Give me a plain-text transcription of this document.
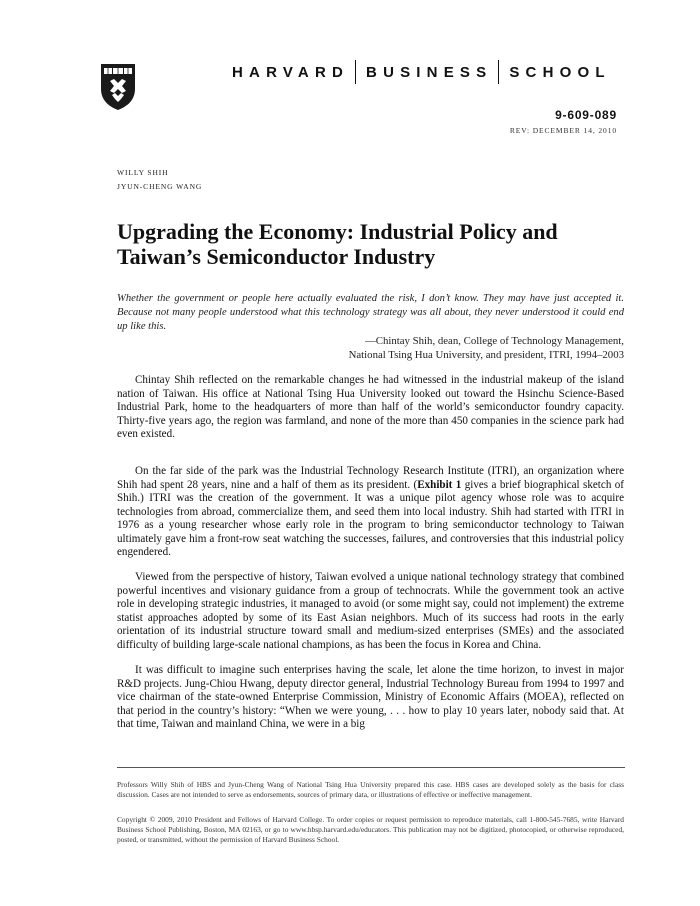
HARVARD BUSINESS SCHOOL
9-609-089
REV: DECEMBER 14, 2010
WILLY SHIH
JYUN-CHENG WANG
Upgrading the Economy: Industrial Policy and
Taiwan’s Semiconductor Industry

Whether the government or people here actually evaluated the risk, I don’t know. They may have just accepted it. Because not many people understood what this technology strategy was all about, they never understood it could end up like this.

—Chintay Shih, dean, College of Technology Management,
National Tsing Hua University, and president, ITRI, 1994–2003

Chintay Shih reflected on the remarkable changes he had witnessed in the industrial makeup of the island nation of Taiwan. His office at National Tsing Hua University looked out toward the Hsinchu Science-Based Industrial Park, home to the headquarters of more than half of the world’s semiconductor foundry capacity. Thirty-five years ago, the region was farmland, and none of the more than 450 companies in the science park had even existed.

On the far side of the park was the Industrial Technology Research Institute (ITRI), an organization where Shih had spent 28 years, nine and a half of them as its president. (Exhibit 1 gives a brief biographical sketch of Shih.) ITRI was the creation of the government. It was a unique pilot agency whose role was to acquire technologies from abroad, commercialize them, and seed them into local industry. Shih had started with ITRI in 1976 as a young researcher whose early role in the program to bring semiconductor technology to Taiwan ultimately gave him a front-row seat watching the successes, failures, and controversies that this industrial policy engendered.

Viewed from the perspective of history, Taiwan evolved a unique national technology strategy that combined powerful incentives and visionary guidance from a group of technocrats. While the government took an active role in developing strategic industries, it managed to avoid (or some might say, could not implement) the extreme statist approaches adopted by some of its East Asian neighbors. Much of its success had roots in the early orientation of its industrial structure toward small and medium-sized enterprises (SMEs) and the associated difficulty of building large-scale national champions, as has been the focus in Korea and China.

It was difficult to imagine such enterprises having the scale, let alone the time horizon, to invest in major R&D projects. Jung-Chiou Hwang, deputy director general, Industrial Technology Bureau from 1994 to 1997 and vice chairman of the state-owned Enterprise Commission, Ministry of Economic Affairs (MOEA), reflected on that period in the country’s history: “When we were young, . . . how to play 10 years later, nobody said that. At that time, Taiwan and mainland China, we were in a big

Professors Willy Shih of HBS and Jyun-Cheng Wang of National Tsing Hua University prepared this case. HBS cases are developed solely as the basis for class discussion. Cases are not intended to serve as endorsements, sources of primary data, or illustrations of effective or ineffective management.

Copyright © 2009, 2010 President and Fellows of Harvard College. To order copies or request permission to reproduce materials, call 1-800-545-7685, write Harvard Business School Publishing, Boston, MA 02163, or go to www.hbsp.harvard.edu/educators. This publication may not be digitized, photocopied, or otherwise reproduced, posted, or transmitted, without the permission of Harvard Business School.
